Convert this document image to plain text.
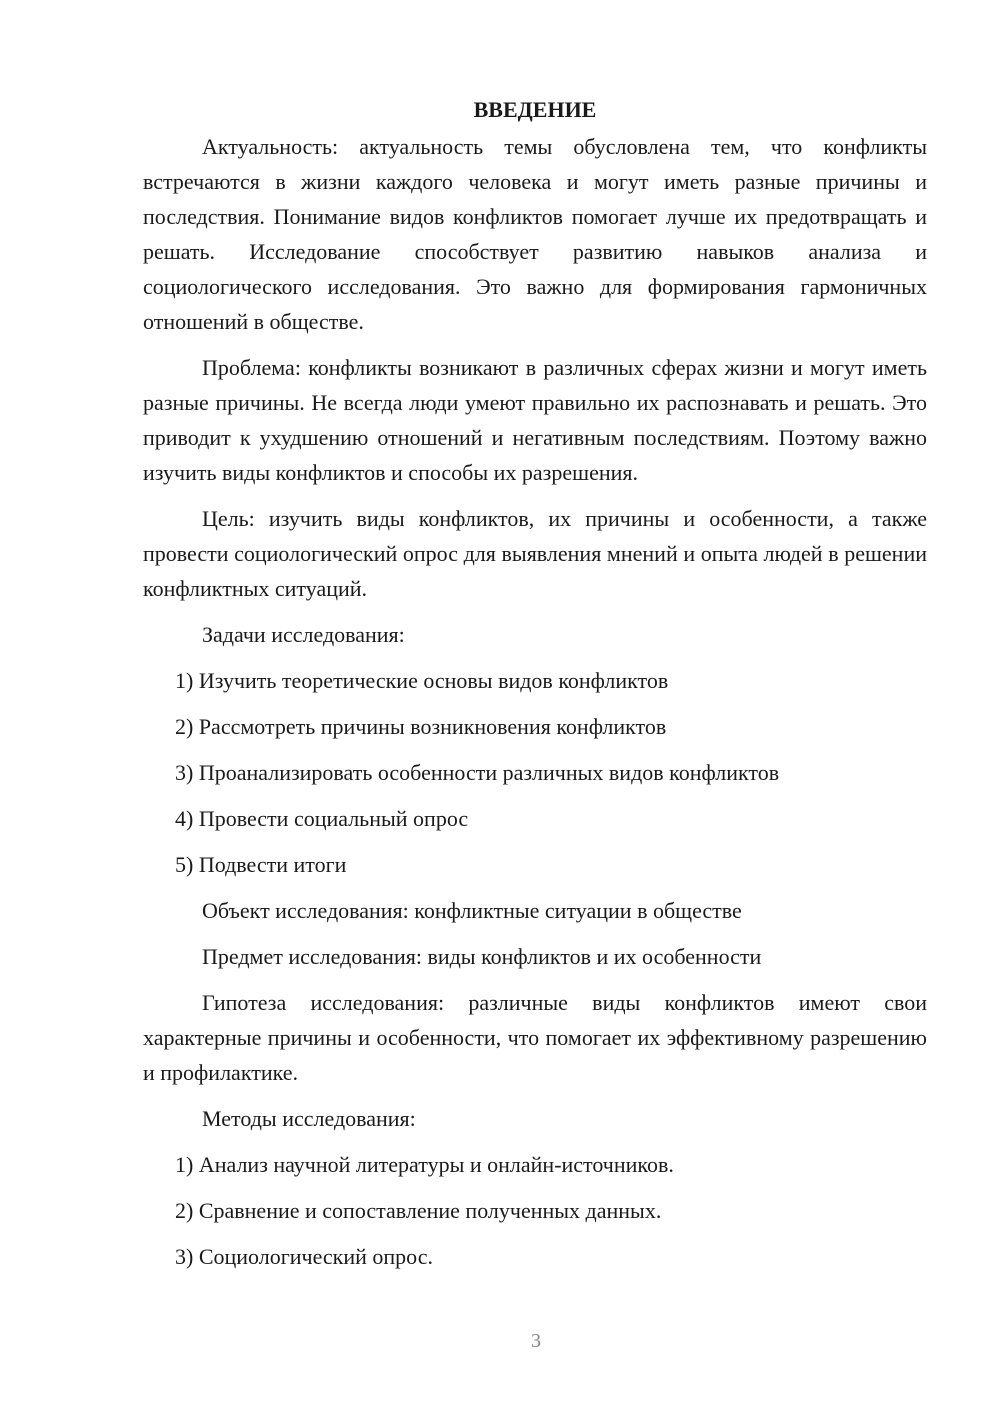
ВВЕДЕНИЕ

Актуальность: актуальность темы обусловлена тем, что конфликты встречаются в жизни каждого человека и могут иметь разные причины и последствия. Понимание видов конфликтов помогает лучше их предотвращать и решать. Исследование способствует развитию навыков анализа и социологического исследования. Это важно для формирования гармоничных отношений в обществе.

Проблема: конфликты возникают в различных сферах жизни и могут иметь разные причины. Не всегда люди умеют правильно их распознавать и решать. Это приводит к ухудшению отношений и негативным последствиям. Поэтому важно изучить виды конфликтов и способы их разрешения.

Цель: изучить виды конфликтов, их причины и особенности, а также провести социологический опрос для выявления мнений и опыта людей в решении конфликтных ситуаций.

Задачи исследования:
1) Изучить теоретические основы видов конфликтов
2) Рассмотреть причины возникновения конфликтов
3) Проанализировать особенности различных видов конфликтов
4) Провести социальный опрос
5) Подвести итоги
Объект исследования: конфликтные ситуации в обществе
Предмет исследования: виды конфликтов и их особенности

Гипотеза исследования: различные виды конфликтов имеют свои характерные причины и особенности, что помогает их эффективному разрешению и профилактике.

Методы исследования:
1) Анализ научной литературы и онлайн-источников.
2) Сравнение и сопоставление полученных данных.
3) Социологический опрос.
3
